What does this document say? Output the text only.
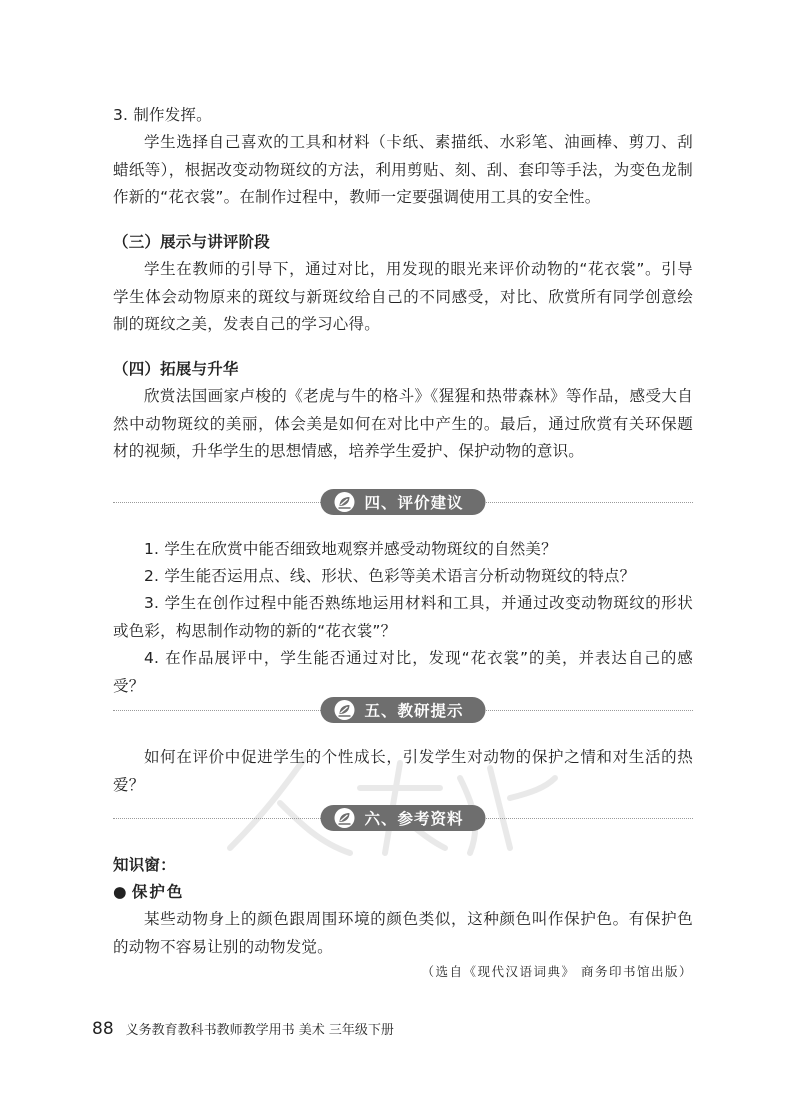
3. 制作发挥。

学生选择自己喜欢的工具和材料（卡纸、素描纸、水彩笔、油画棒、剪刀、刮蜡纸等），根据改变动物斑纹的方法，利用剪贴、刻、刮、套印等手法，为变色龙制作新的“花衣裳”。在制作过程中，教师一定要强调使用工具的安全性。

（三）展示与讲评阶段

学生在教师的引导下，通过对比，用发现的眼光来评价动物的“花衣裳”。引导学生体会动物原来的斑纹与新斑纹给自己的不同感受，对比、欣赏所有同学创意绘制的斑纹之美，发表自己的学习心得。

（四）拓展与升华

欣赏法国画家卢梭的《老虎与牛的格斗》《猩猩和热带森林》等作品，感受大自然中动物斑纹的美丽，体会美是如何在对比中产生的。最后，通过欣赏有关环保题材的视频，升华学生的思想情感，培养学生爱护、保护动物的意识。

四、评价建议

1. 学生在欣赏中能否细致地观察并感受动物斑纹的自然美？

2. 学生能否运用点、线、形状、色彩等美术语言分析动物斑纹的特点？

3. 学生在创作过程中能否熟练地运用材料和工具，并通过改变动物斑纹的形状或色彩，构思制作动物的新的“花衣裳”？

4. 在作品展评中，学生能否通过对比，发现“花衣裳”的美，并表达自己的感受？

五、教研提示

如何在评价中促进学生的个性成长，引发学生对动物的保护之情和对生活的热爱？

六、参考资料

知识窗：

● 保护色

某些动物身上的颜色跟周围环境的颜色类似，这种颜色叫作保护色。有保护色的动物不容易让别的动物发觉。

（选自《现代汉语词典》 商务印书馆出版）

88 义务教育教科书教师教学用书 美术 三年级下册
